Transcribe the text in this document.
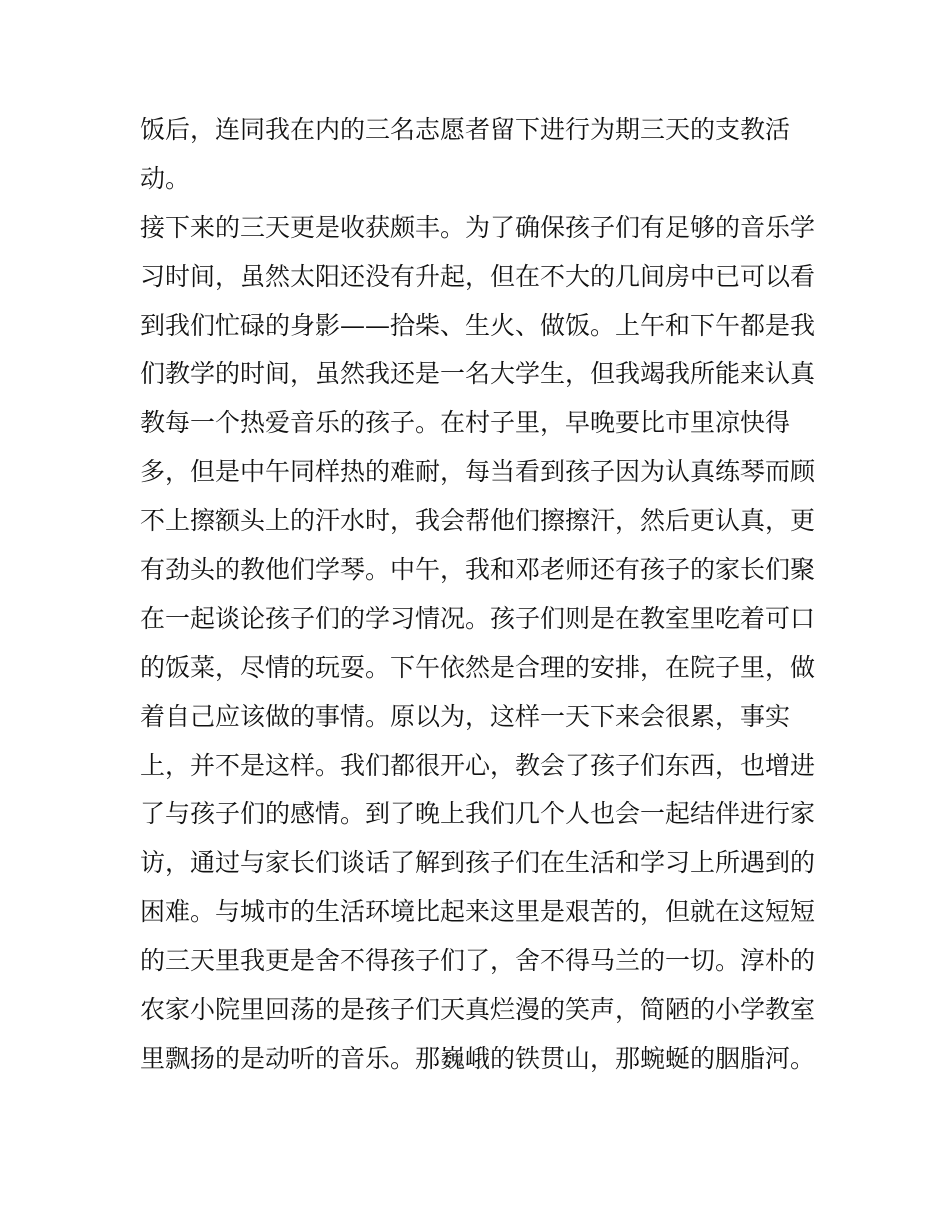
饭后，连同我在内的三名志愿者留下进行为期三天的支教活
动。
接下来的三天更是收获颇丰。为了确保孩子们有足够的音乐学
习时间，虽然太阳还没有升起，但在不大的几间房中已可以看
到我们忙碌的身影——拾柴、生火、做饭。上午和下午都是我
们教学的时间，虽然我还是一名大学生，但我竭我所能来认真
教每一个热爱音乐的孩子。在村子里，早晚要比市里凉快得
多，但是中午同样热的难耐，每当看到孩子因为认真练琴而顾
不上擦额头上的汗水时，我会帮他们擦擦汗，然后更认真，更
有劲头的教他们学琴。中午，我和邓老师还有孩子的家长们聚
在一起谈论孩子们的学习情况。孩子们则是在教室里吃着可口
的饭菜，尽情的玩耍。下午依然是合理的安排，在院子里，做
着自己应该做的事情。原以为，这样一天下来会很累，事实
上，并不是这样。我们都很开心，教会了孩子们东西，也增进
了与孩子们的感情。到了晚上我们几个人也会一起结伴进行家
访，通过与家长们谈话了解到孩子们在生活和学习上所遇到的
困难。与城市的生活环境比起来这里是艰苦的，但就在这短短
的三天里我更是舍不得孩子们了，舍不得马兰的一切。淳朴的
农家小院里回荡的是孩子们天真烂漫的笑声，简陋的小学教室
里飘扬的是动听的音乐。那巍峨的铁贯山，那蜿蜒的胭脂河。
